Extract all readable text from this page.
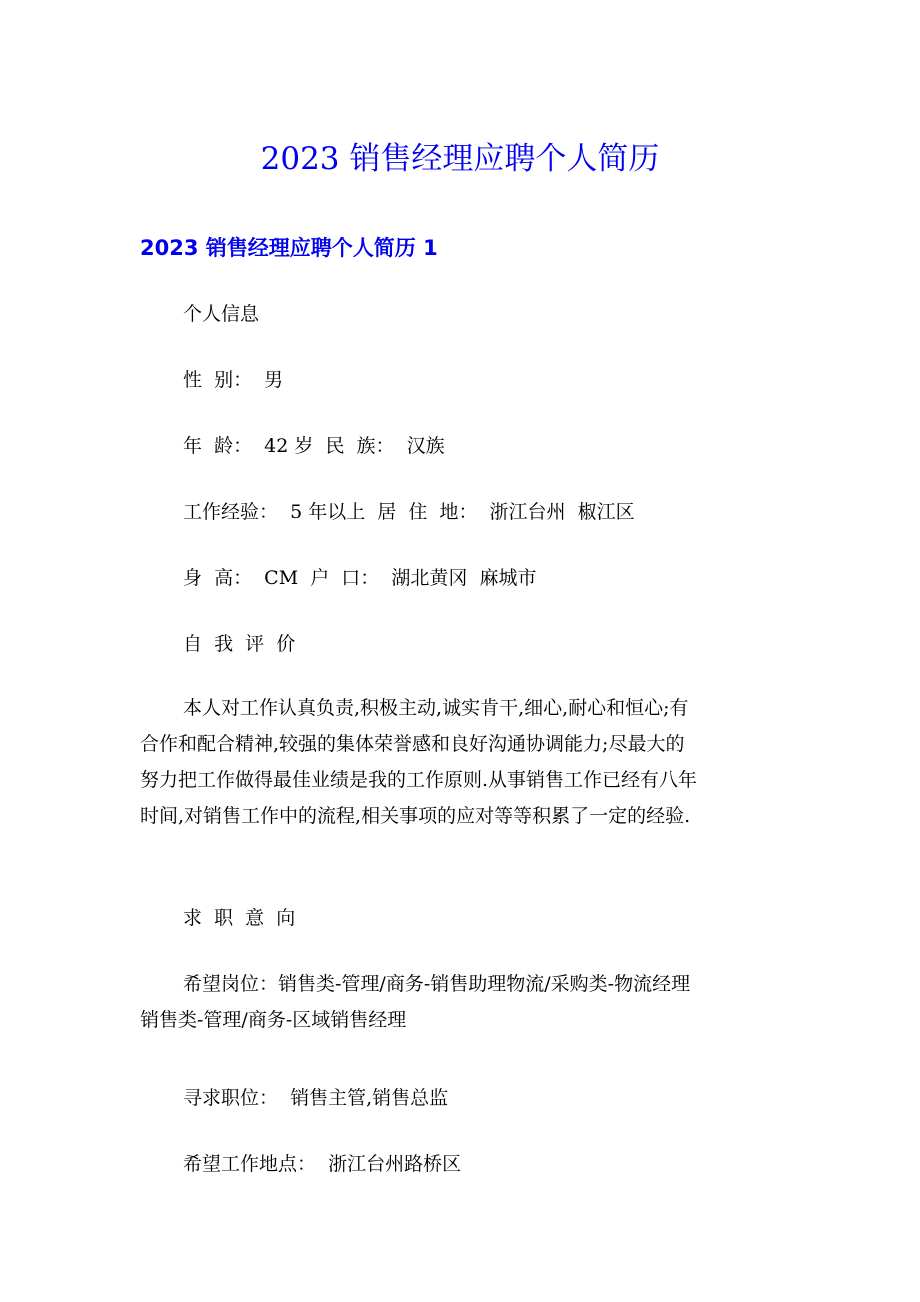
2023 销售经理应聘个人简历
2023 销售经理应聘个人简历 1
个人信息
性  别：  男
年  龄：  42 岁  民  族：  汉族
工作经验：  5 年以上  居  住  地：  浙江台州  椒江区
身  高：  CM  户  口：  湖北黄冈  麻城市
自  我  评  价
本人对工作认真负责,积极主动,诚实肯干,细心,耐心和恒心;有
合作和配合精神,较强的集体荣誉感和良好沟通协调能力;尽最大的
努力把工作做得最佳业绩是我的工作原则.从事销售工作已经有八年
时间,对销售工作中的流程,相关事项的应对等等积累了一定的经验.
求  职  意  向
希望岗位：销售类-管理/商务-销售助理物流/采购类-物流经理
销售类-管理/商务-区域销售经理
寻求职位：  销售主管,销售总监
希望工作地点：  浙江台州路桥区
